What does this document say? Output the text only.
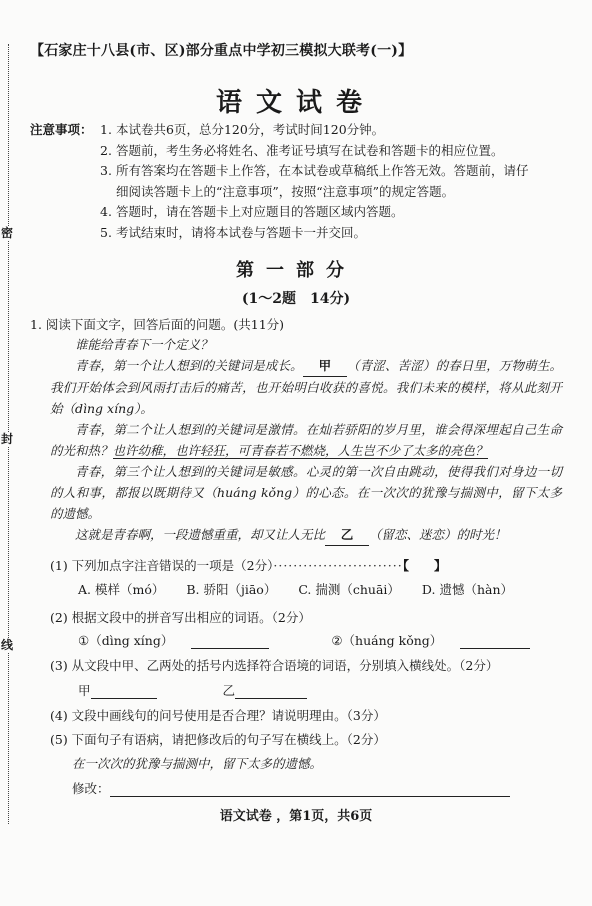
密
封
线
【石家庄十八县(市、区)部分重点中学初三模拟大联考(一)】
语文试卷
注意事项： 1. 本试卷共6页，总分120分，考试时间120分钟。
2. 答题前，考生务必将姓名、准考证号填写在试卷和答题卡的相应位置。
3. 所有答案均在答题卡上作答，在本试卷或草稿纸上作答无效。答题前，请仔
细阅读答题卡上的“注意事项”，按照“注意事项”的规定答题。
4. 答题时，请在答题卡上对应题目的答题区域内答题。
5. 考试结束时，请将本试卷与答题卡一并交回。
第一部分
(1～2题　14分)
1. 阅读下面文字，回答后面的问题。(共11分)

谁能给青春下一个定义？

青春，第一个让人想到的关键词是成长。 甲 （青涩、苦涩）的春日里，万物萌生。我们开始体会到风雨打击后的痛苦，也开始明白收获的喜悦。我们未来的模样，将从此刻开始（dìng xíng）。

青春，第二个让人想到的关键词是激情。在灿若骄阳的岁月里，谁会得深埋起自己生命的光和热？也许幼稚，也许轻狂，可青春若不燃烧，人生岂不少了太多的亮色？

青春，第三个让人想到的关键词是敏感。心灵的第一次自由跳动，使得我们对身边一切的人和事，都报以既期待又（huáng kǒng）的心态。在一次次的犹豫与揣测中，留下太多的遗憾。

这就是青春啊，一段遗憾重重，却又让人无比 乙 （留恋、迷恋）的时光！

(1) 下列加点字注音错误的一项是（2分）··························【　　】
A. 模样（mó） B. 骄阳（jiāo） C. 揣测（chuāi） D. 遗憾（hàn）
(2) 根据文段中的拼音写出相应的词语。（2分）
①（dìng xíng）	②（huáng kǒng）
(3) 从文段中甲、乙两处的括号内选择符合语境的词语，分别填入横线处。（2分）
甲	乙
(4) 文段中画线句的问号使用是否合理？请说明理由。（3分）
(5) 下面句子有语病，请把修改后的句子写在横线上。（2分）
在一次次的犹豫与揣测中，留下太多的遗憾。
修改：
语文试卷 ，第1页，共6页
